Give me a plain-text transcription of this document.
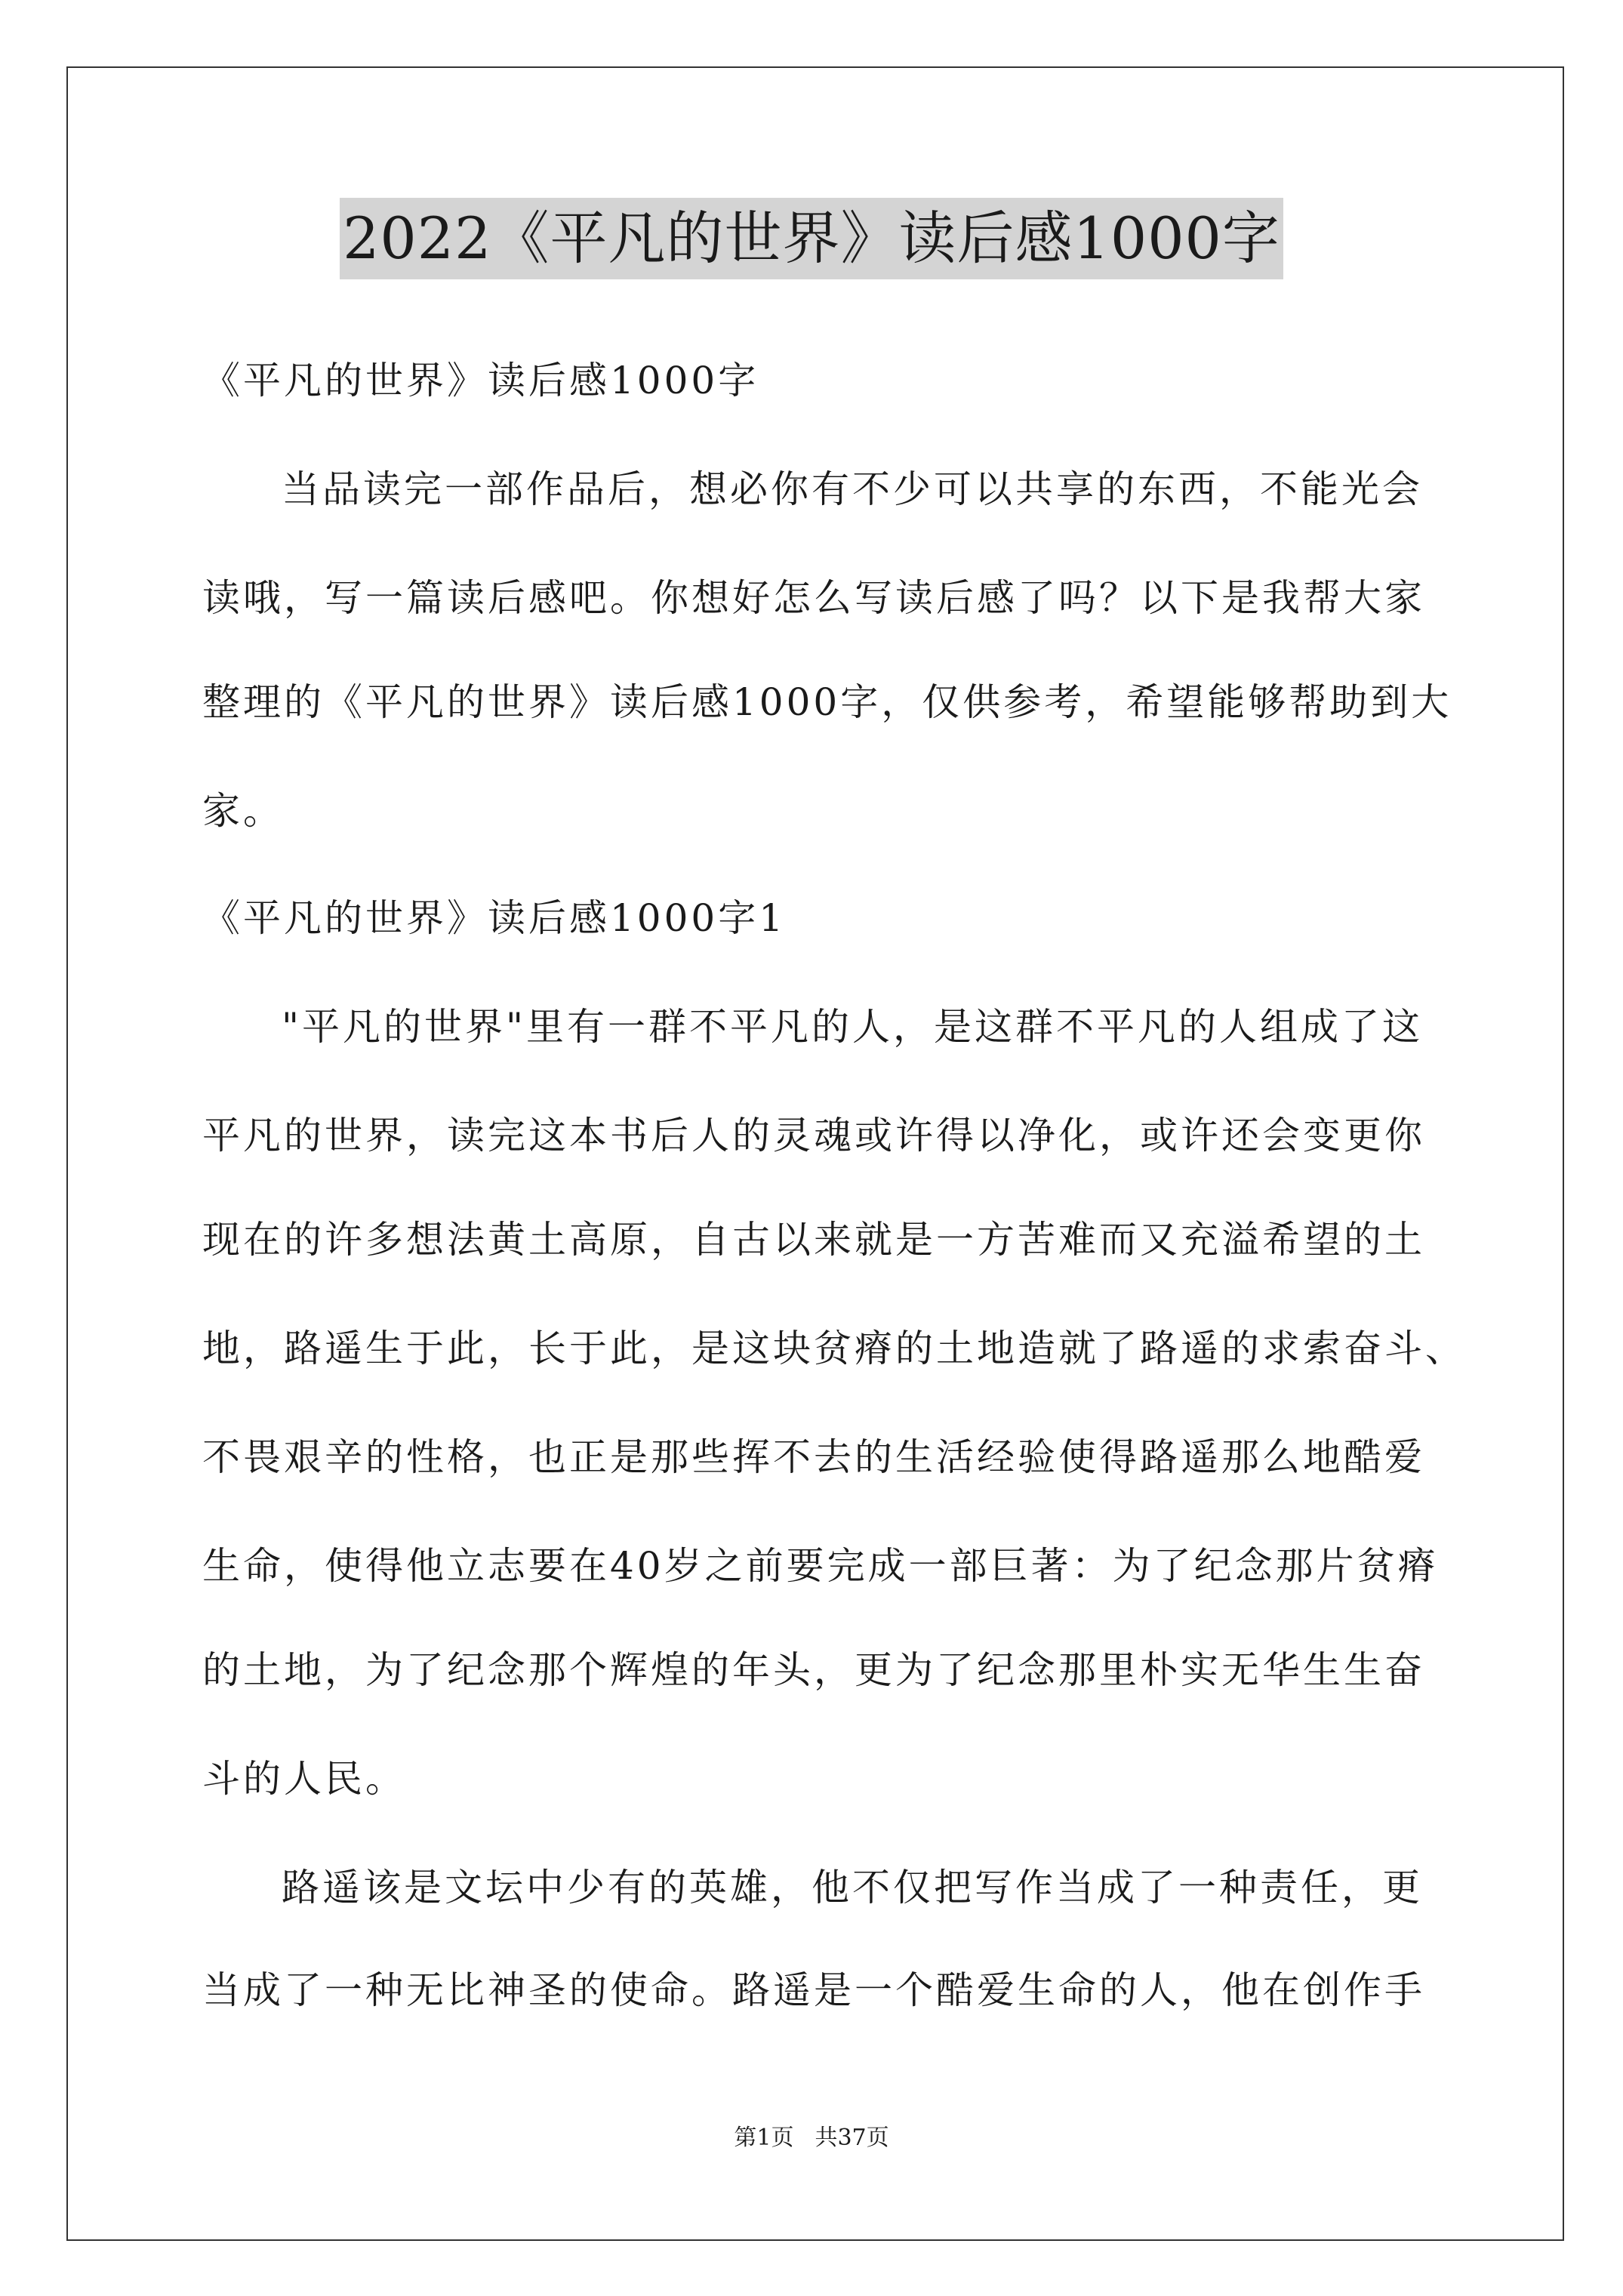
2022《平凡的世界》读后感1000字
《平凡的世界》读后感1000字
当品读完一部作品后，想必你有不少可以共享的东西，不能光会
读哦，写一篇读后感吧。你想好怎么写读后感了吗？以下是我帮大家
整理的《平凡的世界》读后感1000字，仅供参考，希望能够帮助到大
家。
《平凡的世界》读后感1000字1
"平凡的世界"里有一群不平凡的人，是这群不平凡的人组成了这
平凡的世界，读完这本书后人的灵魂或许得以净化，或许还会变更你
现在的许多想法黄土高原，自古以来就是一方苦难而又充溢希望的土
地，路遥生于此，长于此，是这块贫瘠的土地造就了路遥的求索奋斗、
不畏艰辛的性格，也正是那些挥不去的生活经验使得路遥那么地酷爱
生命，使得他立志要在40岁之前要完成一部巨著：为了纪念那片贫瘠
的土地，为了纪念那个辉煌的年头，更为了纪念那里朴实无华生生奋
斗的人民。
路遥该是文坛中少有的英雄，他不仅把写作当成了一种责任，更
当成了一种无比神圣的使命。路遥是一个酷爱生命的人，他在创作手
第1页 共37页
